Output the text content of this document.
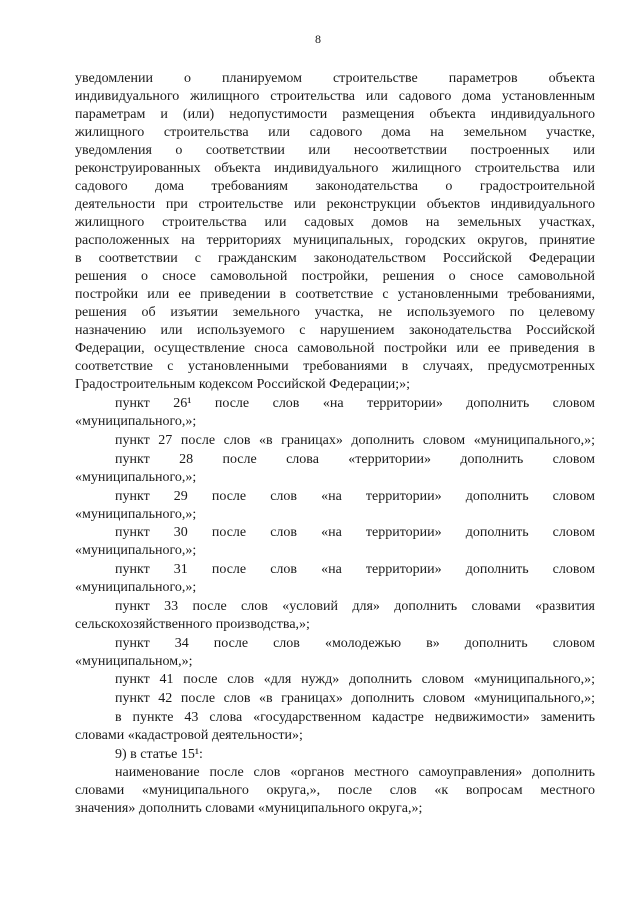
8
уведомлении о планируемом строительстве параметров объекта
индивидуального жилищного строительства или садового дома установленным
параметрам и (или) недопустимости размещения объекта индивидуального
жилищного строительства или садового дома на земельном участке,
уведомления о соответствии или несоответствии построенных или
реконструированных объекта индивидуального жилищного строительства или
садового дома требованиям законодательства о градостроительной
деятельности при строительстве или реконструкции объектов индивидуального
жилищного строительства или садовых домов на земельных участках,
расположенных на территориях муниципальных, городских округов, принятие
в соответствии с гражданским законодательством Российской Федерации
решения о сносе самовольной постройки, решения о сносе самовольной
постройки или ее приведении в соответствие с установленными требованиями,
решения об изъятии земельного участка, не используемого по целевому
назначению или используемого с нарушением законодательства Российской
Федерации, осуществление сноса самовольной постройки или ее приведения в
соответствие с установленными требованиями в случаях, предусмотренных
Градостроительным кодексом Российской Федерации;»;
пункт 26¹ после слов «на территории» дополнить словом
«муниципального,»;
пункт 27 после слов «в границах» дополнить словом «муниципального,»;
пункт 28 после слова «территории» дополнить словом
«муниципального,»;
пункт 29 после слов «на территории» дополнить словом
«муниципального,»;
пункт 30 после слов «на территории» дополнить словом
«муниципального,»;
пункт 31 после слов «на территории» дополнить словом
«муниципального,»;
пункт 33 после слов «условий для» дополнить словами «развития
сельскохозяйственного производства,»;
пункт 34 после слов «молодежью в» дополнить словом
«муниципальном,»;
пункт 41 после слов «для нужд» дополнить словом «муниципального,»;
пункт 42 после слов «в границах» дополнить словом «муниципального,»;
в пункте 43 слова «государственном кадастре недвижимости» заменить
словами «кадастровой деятельности»;
9) в статье 15¹:
наименование после слов «органов местного самоуправления» дополнить
словами «муниципального округа,», после слов «к вопросам местного
значения» дополнить словами «муниципального округа,»;
